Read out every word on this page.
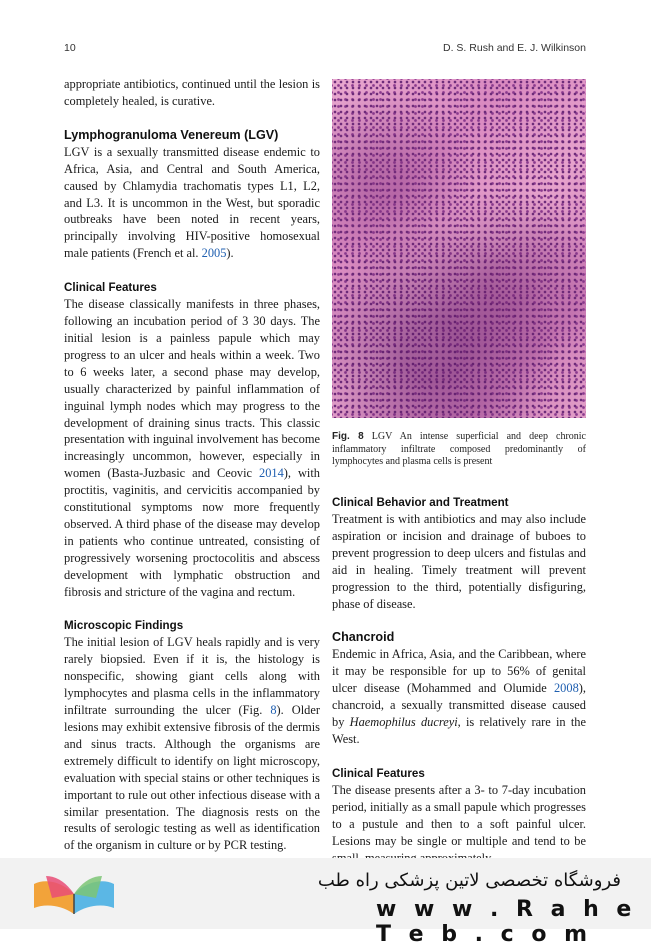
10	D. S. Rush and E. J. Wilkinson

appropriate antibiotics, continued until the lesion is completely healed, is curative.

Lymphogranuloma Venereum (LGV)

LGV is a sexually transmitted disease endemic to Africa, Asia, and Central and South America, caused by Chlamydia trachomatis types L1, L2, and L3. It is uncommon in the West, but sporadic outbreaks have been noted in recent years, principally involving HIV-positive homosexual male patients (French et al. 2005).

Clinical Features

The disease classically manifests in three phases, following an incubation period of 3 30 days. The initial lesion is a painless papule which may progress to an ulcer and heals within a week. Two to 6 weeks later, a second phase may develop, usually characterized by painful inflammation of inguinal lymph nodes which may progress to the development of draining sinus tracts. This classic presentation with inguinal involvement has become increasingly uncommon, however, especially in women (Basta-Juzbasic and Ceovic 2014), with proctitis, vaginitis, and cervicitis accompanied by constitutional symptoms now more frequently observed. A third phase of the disease may develop in patients who continue untreated, consisting of progressively worsening proctocolitis and abscess development with lymphatic obstruction and fibrosis and stricture of the vagina and rectum.

Microscopic Findings

The initial lesion of LGV heals rapidly and is very rarely biopsied. Even if it is, the histology is nonspecific, showing giant cells along with lymphocytes and plasma cells in the inflammatory infiltrate surrounding the ulcer (Fig. 8). Older lesions may exhibit extensive fibrosis of the dermis and sinus tracts. Although the organisms are extremely difficult to identify on light microscopy, evaluation with special stains or other techniques is important to rule out other infectious disease with a similar presentation. The diagnosis rests on the results of serologic testing as well as identification of the organism in culture or by PCR testing.

Fig. 8 LGV An intense superficial and deep chronic inflammatory infiltrate composed predominantly of lymphocytes and plasma cells is present
Clinical Behavior and Treatment

Treatment is with antibiotics and may also include aspiration or incision and drainage of buboes to prevent progression to deep ulcers and fistulas and aid in healing. Timely treatment will prevent progression to the third, potentially disfiguring, phase of disease.

Chancroid

Endemic in Africa, Asia, and the Caribbean, where it may be responsible for up to 56% of genital ulcer disease (Mohammed and Olumide 2008), chancroid, a sexually transmitted disease caused by Haemophilus ducreyi, is relatively rare in the West.

Clinical Features

The disease presents after a 3- to 7-day incubation period, initially as a small papule which progresses to a pustule and then to a soft painful ulcer. Lesions may be single or multiple and tend to be

فروشگاه تخصصی لاتین پزشکی راه طب
w w w . R a h e T e b . c o m
